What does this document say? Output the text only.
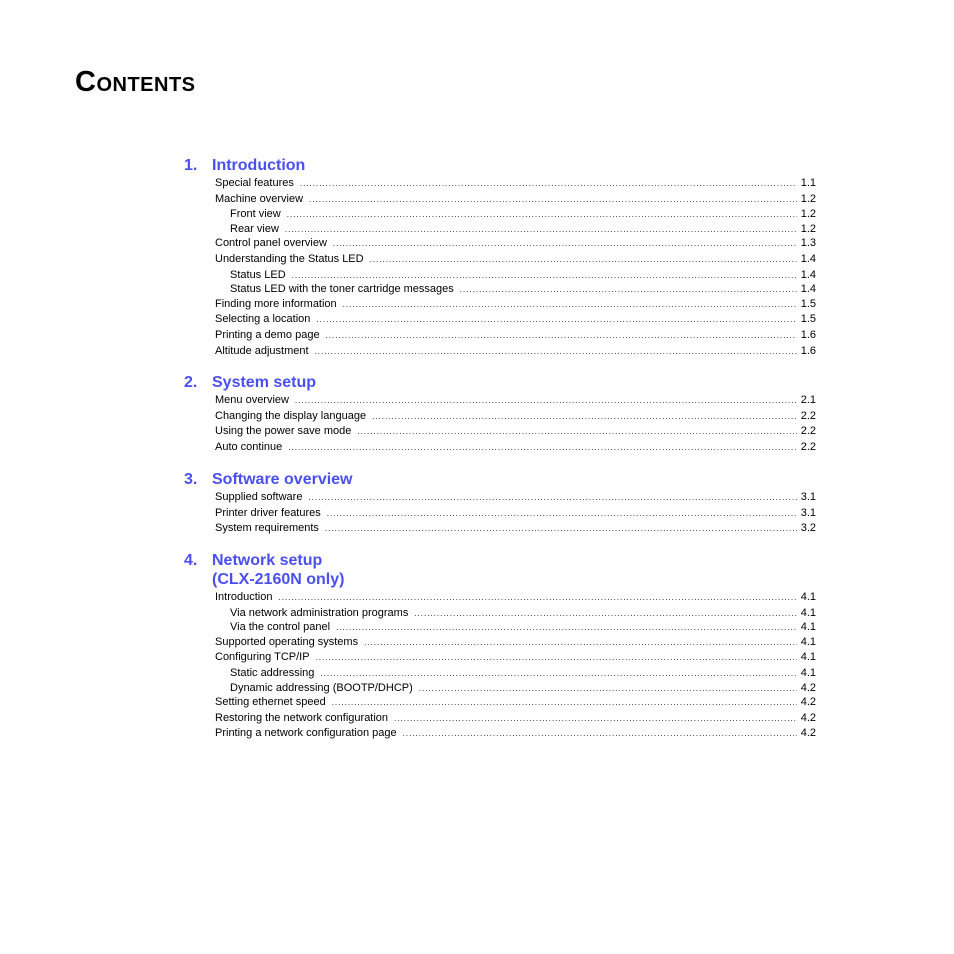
Contents
1. Introduction
Special features .....	1.1
Machine overview .....	1.2
Front view .....	1.2
Rear view .....	1.2
Control panel overview .....	1.3
Understanding the Status LED .....	1.4
Status LED .....	1.4
Status LED with the toner cartridge messages .....	1.4
Finding more information .....	1.5
Selecting a location .....	1.5
Printing a demo page .....	1.6
Altitude adjustment .....	1.6
2. System setup
Menu overview .....	2.1
Changing the display language .....	2.2
Using the power save mode .....	2.2
Auto continue .....	2.2
3. Software overview
Supplied software .....	3.1
Printer driver features .....	3.1
System requirements .....	3.2
4. Network setup
(CLX-2160N only)
Introduction .....	4.1
Via network administration programs .....	4.1
Via the control panel .....	4.1
Supported operating systems .....	4.1
Configuring TCP/IP .....	4.1
Static addressing .....	4.1
Dynamic addressing (BOOTP/DHCP) .....	4.2
Setting ethernet speed .....	4.2
Restoring the network configuration .....	4.2
Printing a network configuration page .....	4.2
